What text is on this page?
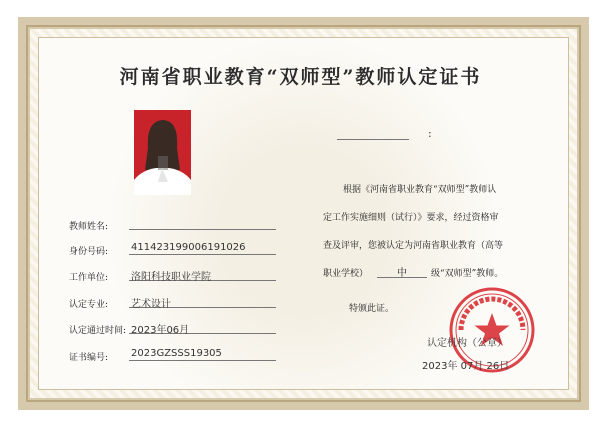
河南省职业教育“双师型”教师认定证书
教师姓名:
身份号码:	411423199006191026
工作单位:	洛阳科技职业学院
认定专业:	艺术设计
认定通过时间: 2023年06月
证书编号:	2023GZSSS19305
:
根据《河南省职业教育“双师型”教师认
定工作实施细则（试行）》要求，经过资格审
查及评审，您被认定为河南省职业教育（高等
职业学校）	中	级“双师型”教师。
特颁此证。
认定机构（公章）
2023年 07月 26日
